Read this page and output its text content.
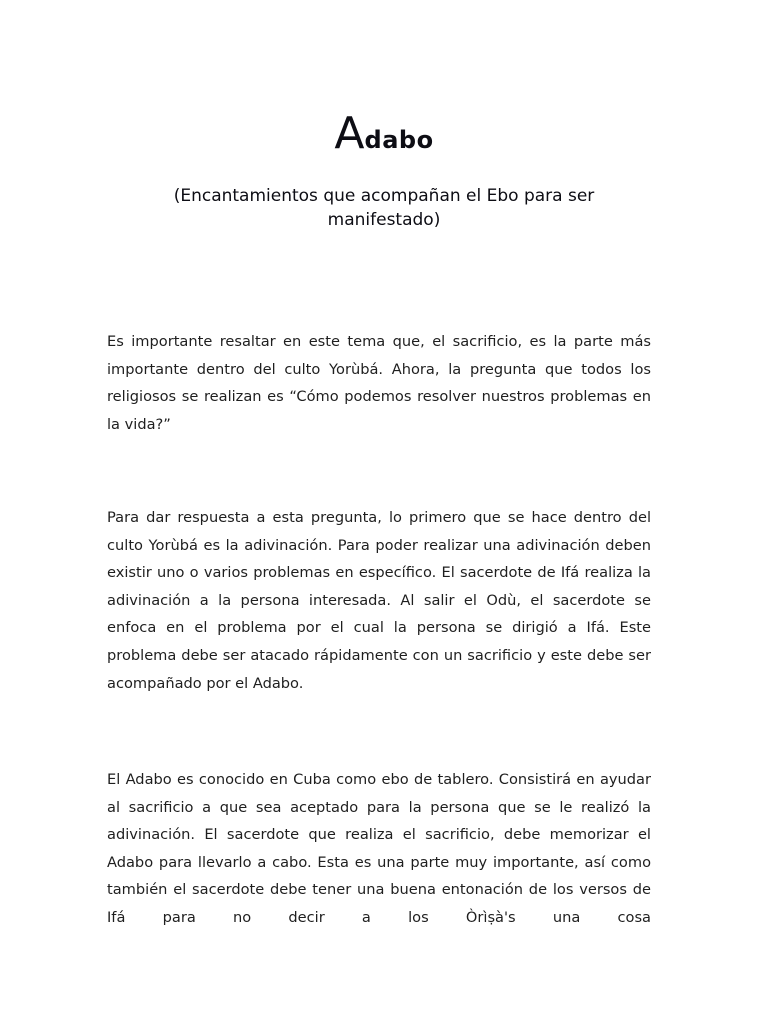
Adabo
(Encantamientos que acompañan el Ebo para ser manifestado)

Es importante resaltar en este tema que, el sacrificio, es la parte más importante dentro del culto Yorùbá. Ahora, la pregunta que todos los religiosos se realizan es “Cómo podemos resolver nuestros problemas en la vida?”

Para dar respuesta a esta pregunta, lo primero que se hace dentro del culto Yorùbá es la adivinación. Para poder realizar una adivinación deben existir uno o varios problemas en específico. El sacerdote de Ifá realiza la adivinación a la persona interesada. Al salir el Odù, el sacerdote se enfoca en el problema por el cual la persona se dirigió a Ifá. Este problema debe ser atacado rápidamente con un sacrificio y este debe ser acompañado por el Adabo.

El Adabo es conocido en Cuba como ebo de tablero. Consistirá en ayudar al sacrificio a que sea aceptado para la persona que se le realizó la adivinación. El sacerdote que realiza el sacrificio, debe memorizar el Adabo para llevarlo a cabo. Esta es una parte muy importante, así como también el sacerdote debe tener una buena entonación de los versos de Ifá para no decir a los Òrìṣà's una cosa
